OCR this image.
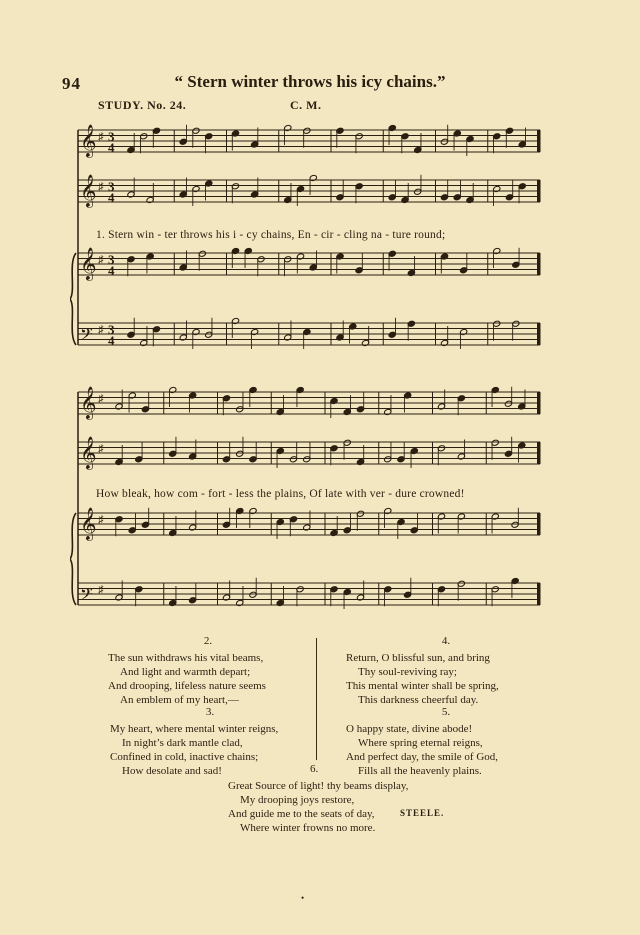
94	“ Stern winter throws his icy chains.”
STUDY. No. 24.	C. M.
𝄞 ♯ 3
4
𝄞 ♯ 3
4
𝄞 ♯ 3
4
𝄢 ♯ 3
4
1. Stern win - ter throws his i - cy chains, En - cir - cling na - ture round;
𝄞 ♯
𝄞 ♯
𝄞 ♯
𝄢 ♯
How bleak, how com - fort - less the plains, Of late with ver - dure crowned!
2.
The sun withdraws his vital beams,
And light and warmth depart;
And drooping, lifeless nature seems
An emblem of my heart,—
3.
My heart, where mental winter reigns,
In night’s dark mantle clad,
Confined in cold, inactive chains;
How desolate and sad!
4.
Return, O blissful sun, and bring
Thy soul-reviving ray;
This mental winter shall be spring,
This darkness cheerful day.
5.
O happy state, divine abode!
Where spring eternal reigns,
And perfect day, the smile of God,
Fills all the heavenly plains.
6.
Great Source of light! thy beams display,
My drooping joys restore,
And guide me to the seats of day,
Where winter frowns no more.
STEELE.
•
